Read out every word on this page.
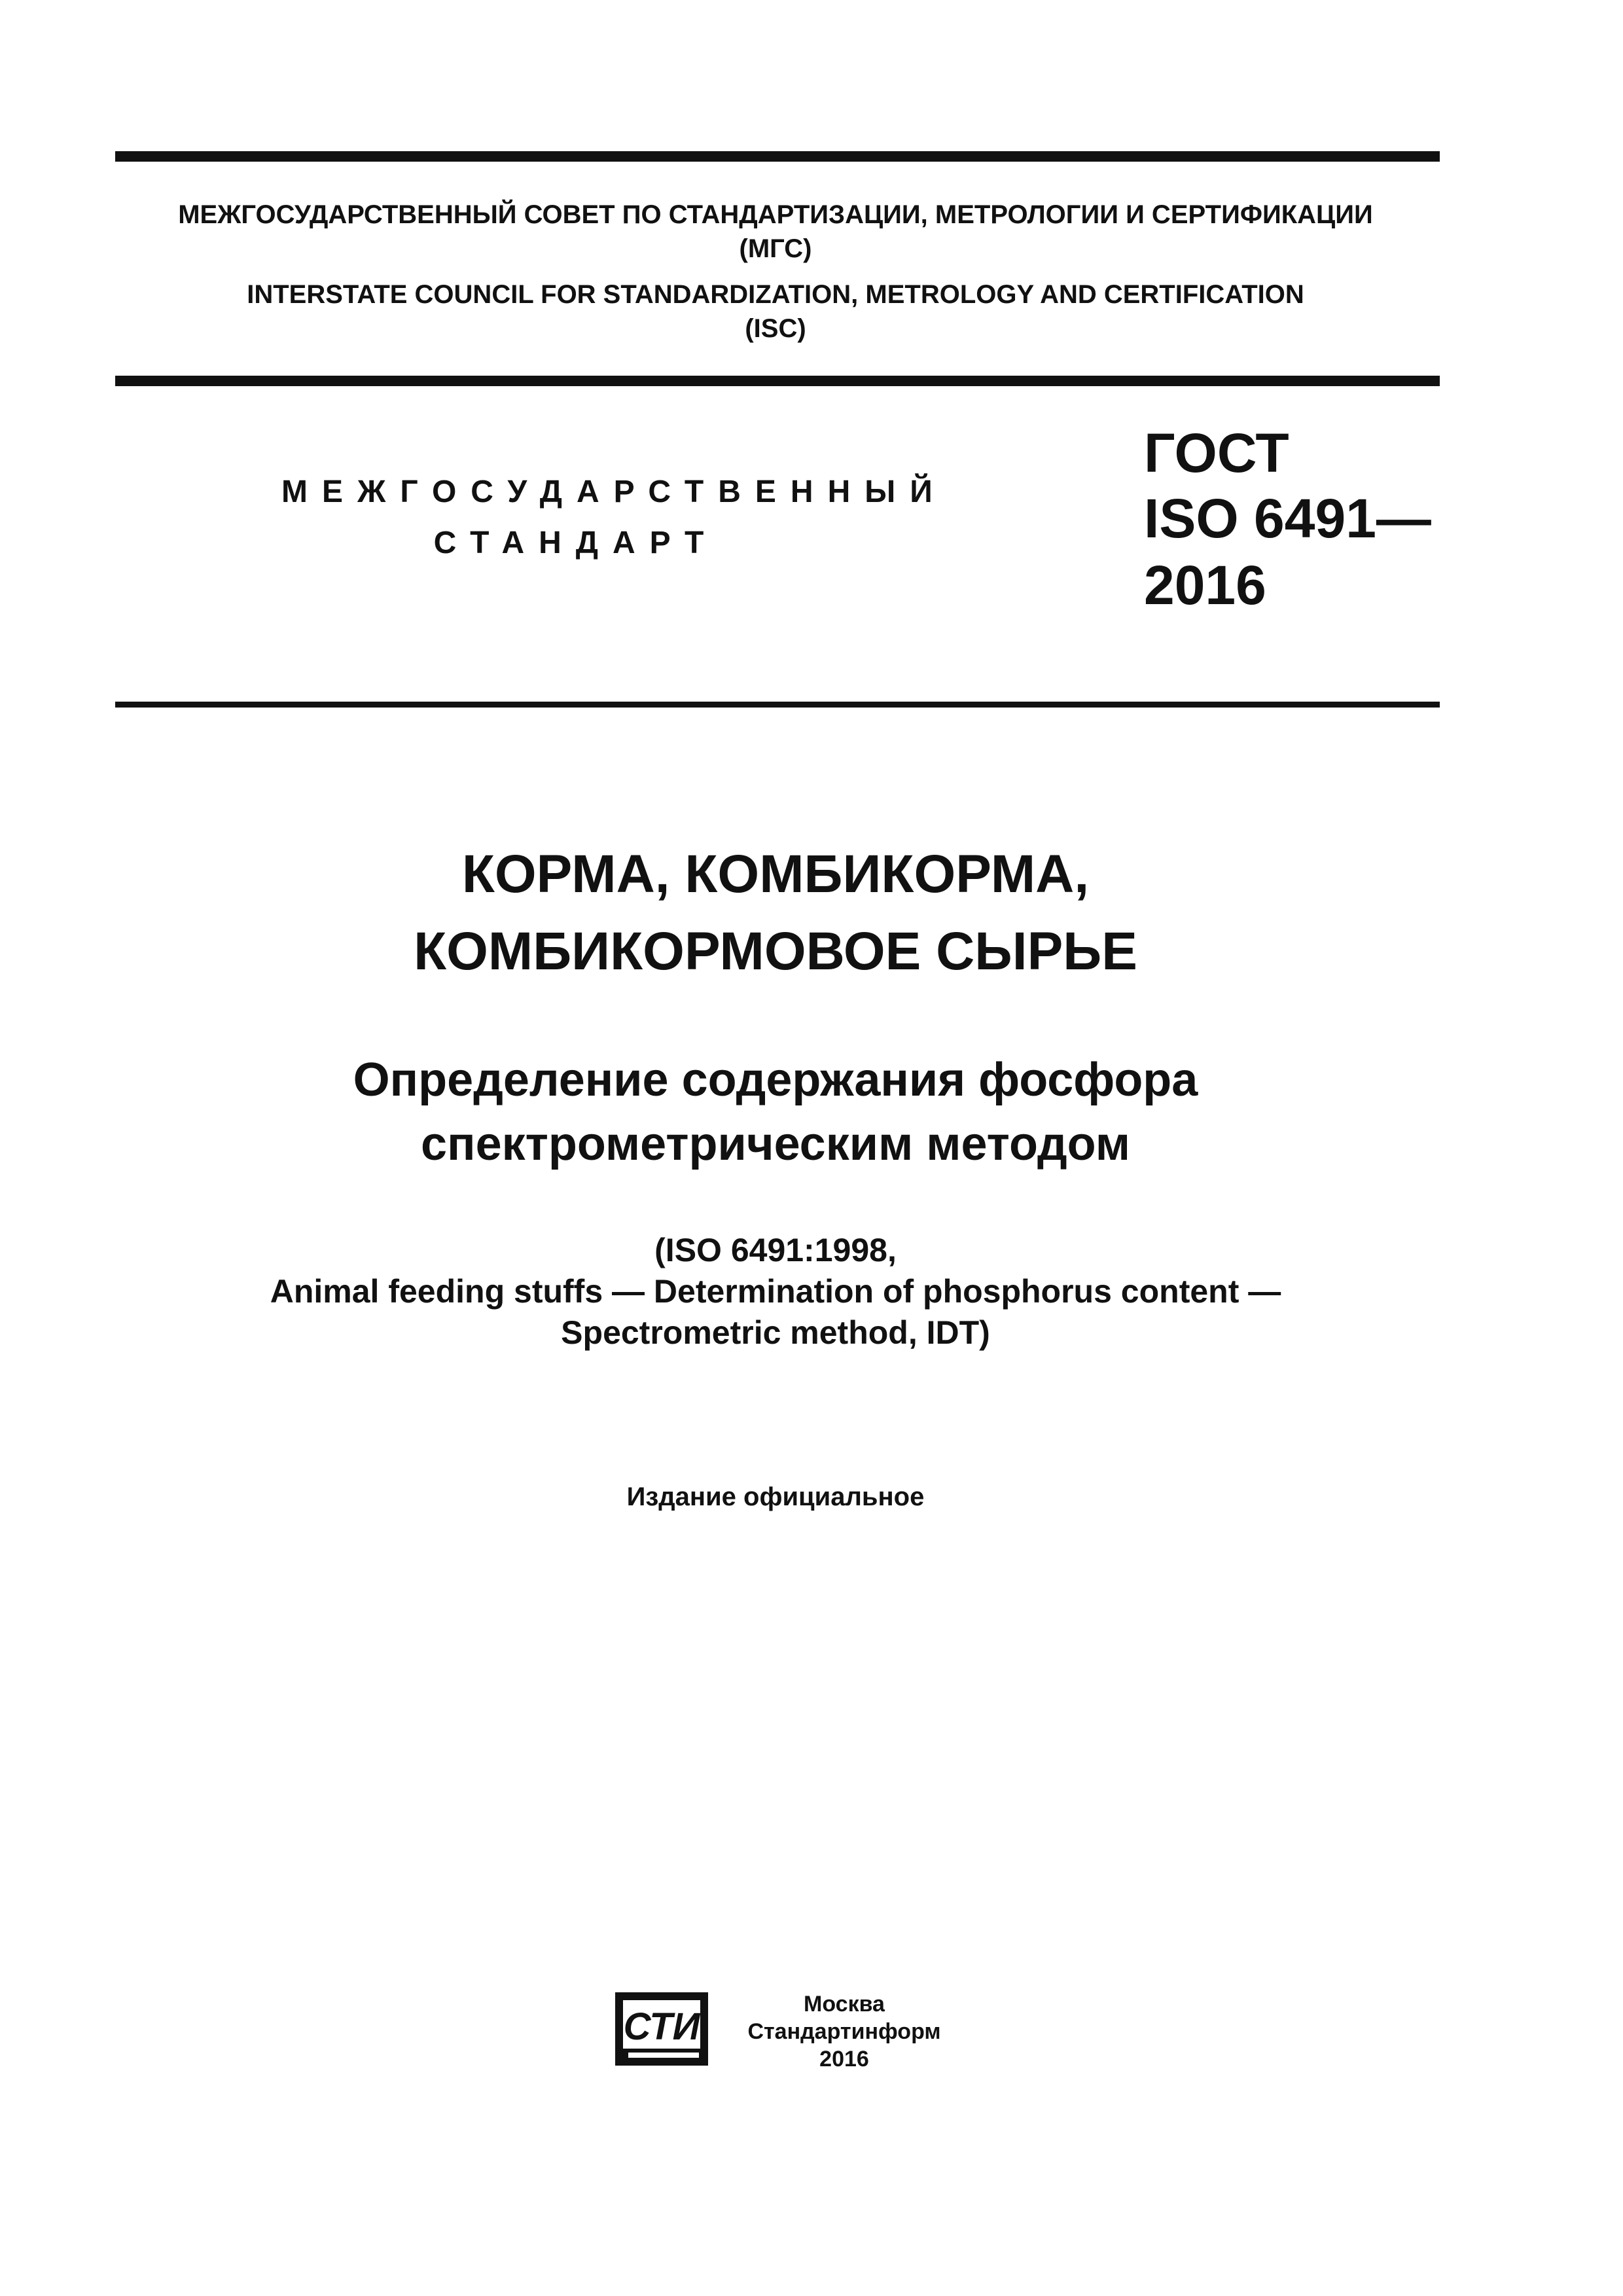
МЕЖГОСУДАРСТВЕННЫЙ СОВЕТ ПО СТАНДАРТИЗАЦИИ, МЕТРОЛОГИИ И СЕРТИФИКАЦИИ
(МГС)
INTERSTATE COUNCIL FOR STANDARDIZATION, METROLOGY AND CERTIFICATION
(ISC)
МЕЖГОСУДАРСТВЕННЫЙ
СТАНДАРТ
ГОСТ
ISO 6491—
2016
КОРМА, КОМБИКОРМА,
КОМБИКОРМОВОЕ СЫРЬЕ
Определение содержания фосфора
спектрометрическим методом
(ISO 6491:1998,
Animal feeding stuffs — Determination of phosphorus content —
Spectrometric method, IDT)
Издание официальное
СТИ
Москва
Стандартинформ
2016
